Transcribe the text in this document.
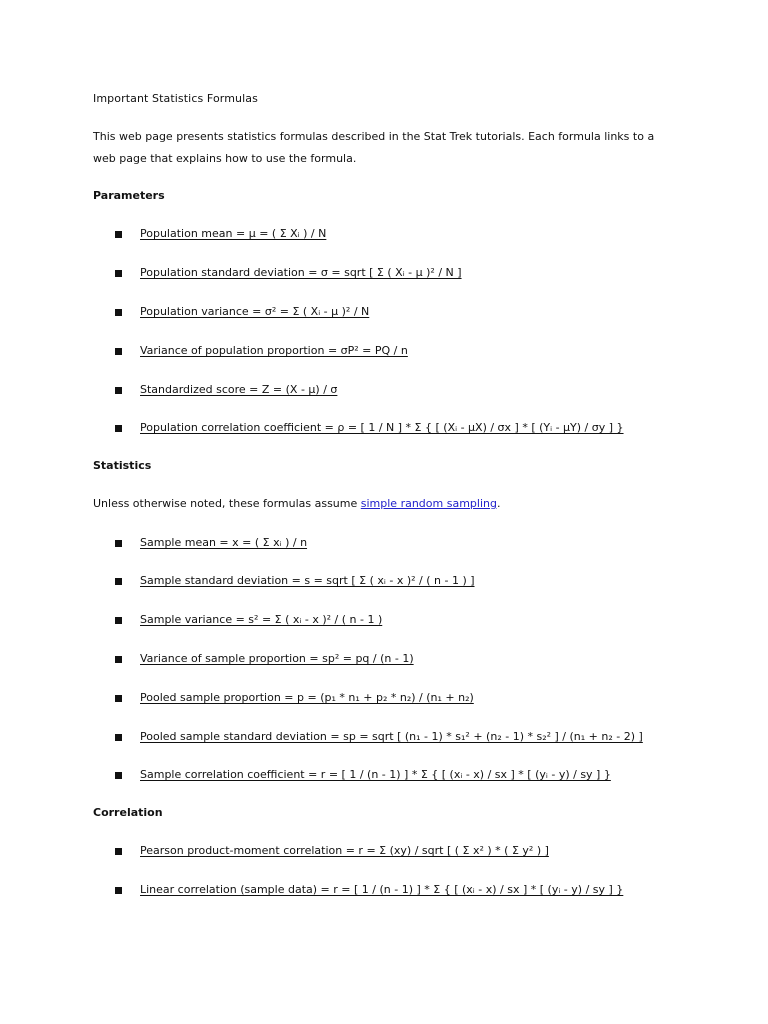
Important Statistics Formulas
This web page presents statistics formulas described in the Stat Trek tutorials. Each formula links to a
web page that explains how to use the formula.
Parameters
Population mean = μ = ( Σ Xᵢ ) / N
Population standard deviation = σ = sqrt [ Σ ( Xᵢ - μ )² / N ]
Population variance = σ² = Σ ( Xᵢ - μ )² / N
Variance of population proportion = σP² = PQ / n
Standardized score = Z = (X - μ) / σ
Population correlation coefficient = ρ = [ 1 / N ] * Σ { [ (Xᵢ - μX) / σx ] * [ (Yᵢ - μY) / σy ] }
Statistics
Unless otherwise noted, these formulas assume simple random sampling.
Sample mean = x = ( Σ xᵢ ) / n
Sample standard deviation = s = sqrt [ Σ ( xᵢ - x )² / ( n - 1 ) ]
Sample variance = s² = Σ ( xᵢ - x )² / ( n - 1 )
Variance of sample proportion = sp² = pq / (n - 1)
Pooled sample proportion = p = (p₁ * n₁ + p₂ * n₂) / (n₁ + n₂)
Pooled sample standard deviation = sp = sqrt [ (n₁ - 1) * s₁² + (n₂ - 1) * s₂² ] / (n₁ + n₂ - 2) ]
Sample correlation coefficient = r = [ 1 / (n - 1) ] * Σ { [ (xᵢ - x) / sx ] * [ (yᵢ - y) / sy ] }
Correlation
Pearson product-moment correlation = r = Σ (xy) / sqrt [ ( Σ x² ) * ( Σ y² ) ]
Linear correlation (sample data) = r = [ 1 / (n - 1) ] * Σ { [ (xᵢ - x) / sx ] * [ (yᵢ - y) / sy ] }
